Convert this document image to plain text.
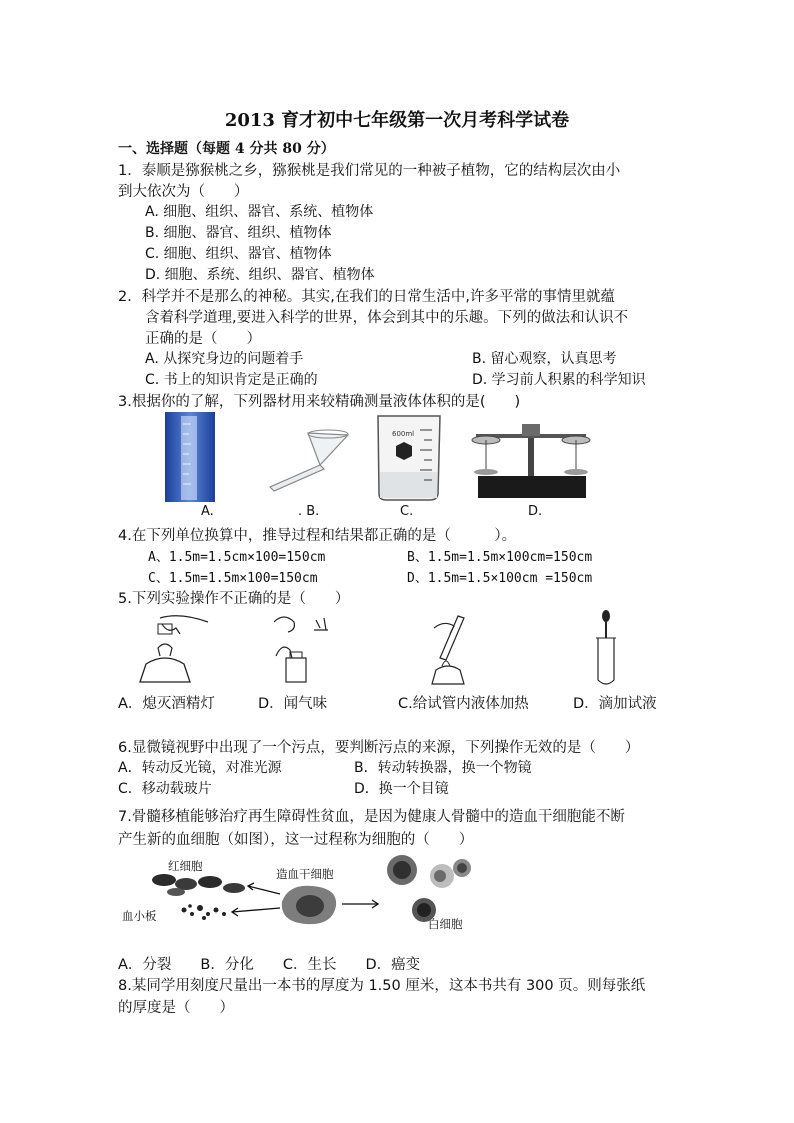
2013 育才初中七年级第一次月考科学试卷
一、选择题（每题 4 分共 80 分）
1．泰顺是猕猴桃之乡，猕猴桃是我们常见的一种被子植物，它的结构层次由小
到大依次为（　　）
A. 细胞、组织、器官、系统、植物体
B. 细胞、器官、组织、植物体
C. 细胞、组织、器官、植物体
D. 细胞、系统、组织、器官、植物体
2．科学并不是那么的神秘。其实,在我们的日常生活中,许多平常的事情里就蕴
含着科学道理,要进入科学的世界，体会到其中的乐趣。下列的做法和认识不
正确的是（　　）
A. 从探究身边的问题着手	B. 留心观察，认真思考
C. 书上的知识肯定是正确的	D. 学习前人积累的科学知识
3.根据你的了解，下列器材用来较精确测量液体体积的是(　　)
600ml
A.	. B.	C.	D.
4.在下列单位换算中，推导过程和结果都正确的是（　　　）。
A、1.5m=1.5cm×100=150cm	B、1.5m=1.5m×100cm=150cm
C、1.5m=1.5m×100=150cm	D、1.5m=1.5×100cm =150cm
5.下列实验操作不正确的是（　　）
A．熄灭酒精灯	D．闻气味	C.给试管内液体加热	D．滴加试液
6.显微镜视野中出现了一个污点，要判断污点的来源，下列操作无效的是（　　）
A．转动反光镜，对准光源	B．转动转换器，换一个物镜
C．移动载玻片	D．换一个目镜
7.骨髓移植能够治疗再生障碍性贫血，是因为健康人骨髓中的造血干细胞能不断
产生新的血细胞（如图），这一过程称为细胞的（　　）
红细胞
造血干细胞
血小板
白细胞
A．分裂　　B．分化　　C．生长　　D．癌变
8.某同学用刻度尺量出一本书的厚度为 1.50 厘米，这本书共有 300 页。则每张纸
的厚度是（　　）
